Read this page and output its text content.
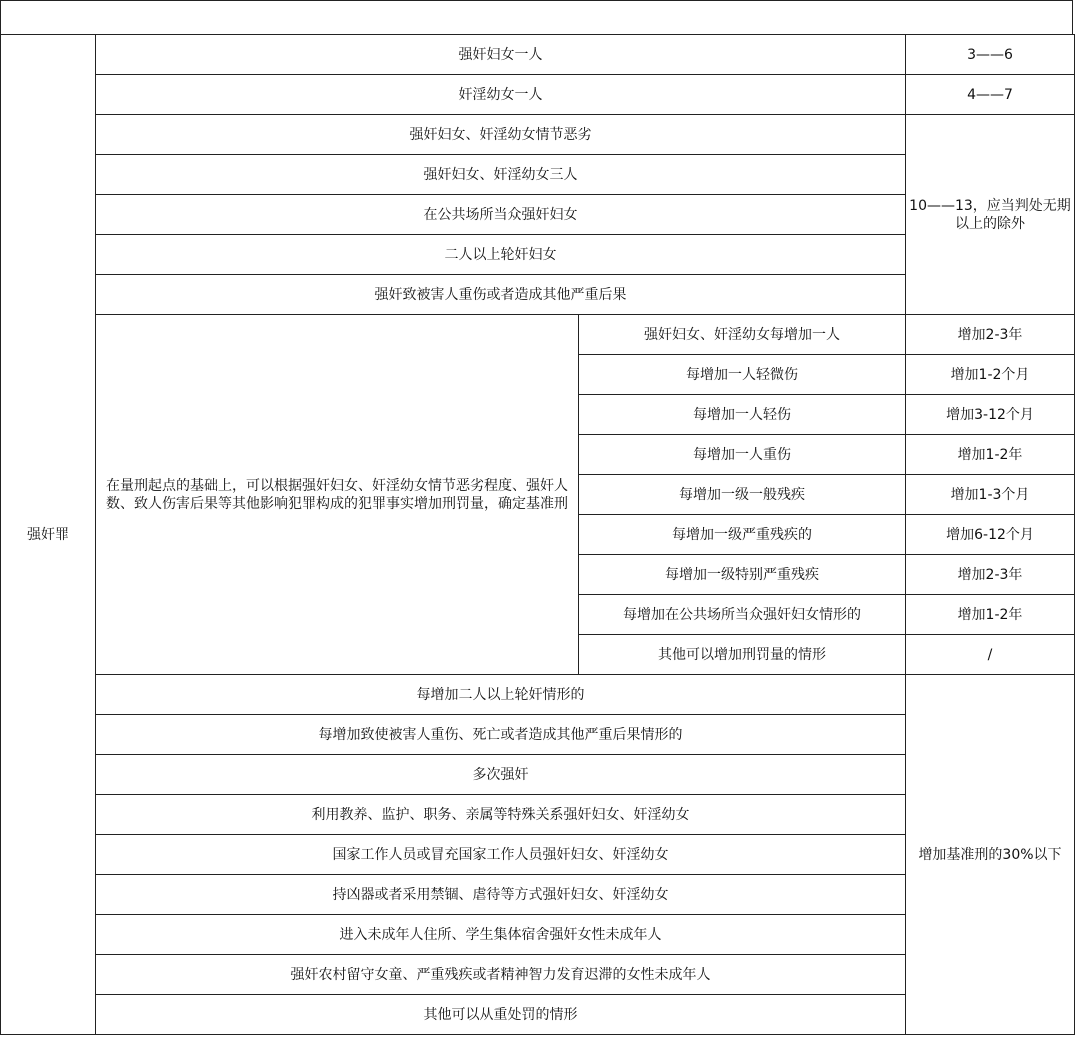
强奸罪	强奸妇女一人		3——6
	奸淫幼女一人		4——7
	强奸妇女、奸淫幼女情节恶劣		10——13，应当判处无期以上的除外
	强奸妇女、奸淫幼女三人		
	在公共场所当众强奸妇女		
	二人以上轮奸妇女		
	强奸致被害人重伤或者造成其他严重后果		
	在量刑起点的基础上，可以根据强奸妇女、奸淫幼女情节恶劣程度、强奸人数、致人伤害后果等其他影响犯罪构成的犯罪事实增加刑罚量，确定基准刑	强奸妇女、奸淫幼女每增加一人	增加2-3年
		每增加一人轻微伤	增加1-2个月
		每增加一人轻伤	增加3-12个月
		每增加一人重伤	增加1-2年
		每增加一级一般残疾	增加1-3个月
		每增加一级严重残疾的	增加6-12个月
		每增加一级特别严重残疾	增加2-3年
		每增加在公共场所当众强奸妇女情形的	增加1-2年
		其他可以增加刑罚量的情形	/
	每增加二人以上轮奸情形的		增加基准刑的30%以下
	每增加致使被害人重伤、死亡或者造成其他严重后果情形的		
	多次强奸		
	利用教养、监护、职务、亲属等特殊关系强奸妇女、奸淫幼女		
	国家工作人员或冒充国家工作人员强奸妇女、奸淫幼女		
	持凶器或者采用禁锢、虐待等方式强奸妇女、奸淫幼女		
	进入未成年人住所、学生集体宿舍强奸女性未成年人		
	强奸农村留守女童、严重残疾或者精神智力发育迟滞的女性未成年人		
	其他可以从重处罚的情形		
